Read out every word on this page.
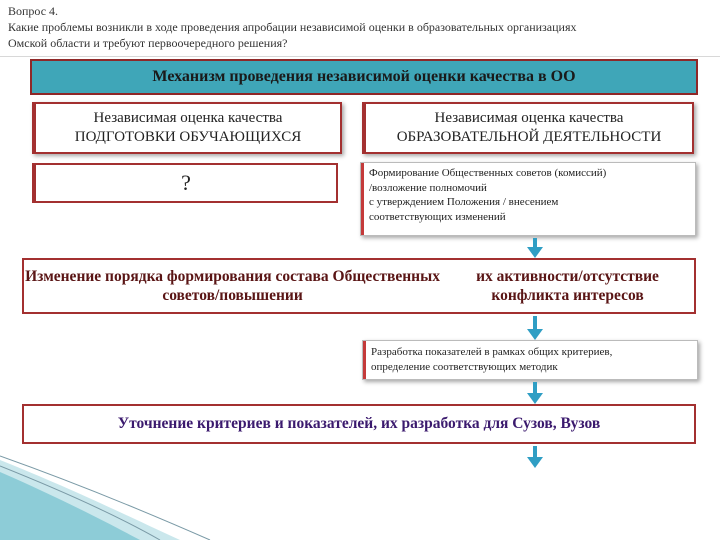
Вопрос 4.
Какие проблемы возникли в ходе проведения апробации независимой оценки в образовательных организациях
Омской области и требуют первоочередного решения?
Механизм проведения независимой оценки качества в ОО
Независимая оценка качества
ПОДГОТОВКИ ОБУЧАЮЩИХСЯ
Независимая оценка качества
ОБРАЗОВАТЕЛЬНОЙ ДЕЯТЕЛЬНОСТИ
?	Формирование Общественных советов (комиссий)
/возложение полномочий
с утверждением Положения / внесением
соответствующих изменений
Изменение порядка формирования состава Общественных советов/повышении
их активности/отсутствие конфликта интересов
Разработка показателей в рамках общих критериев,
определение соответствующих методик
Уточнение критериев и показателей, их разработка для Сузов, Вузов
